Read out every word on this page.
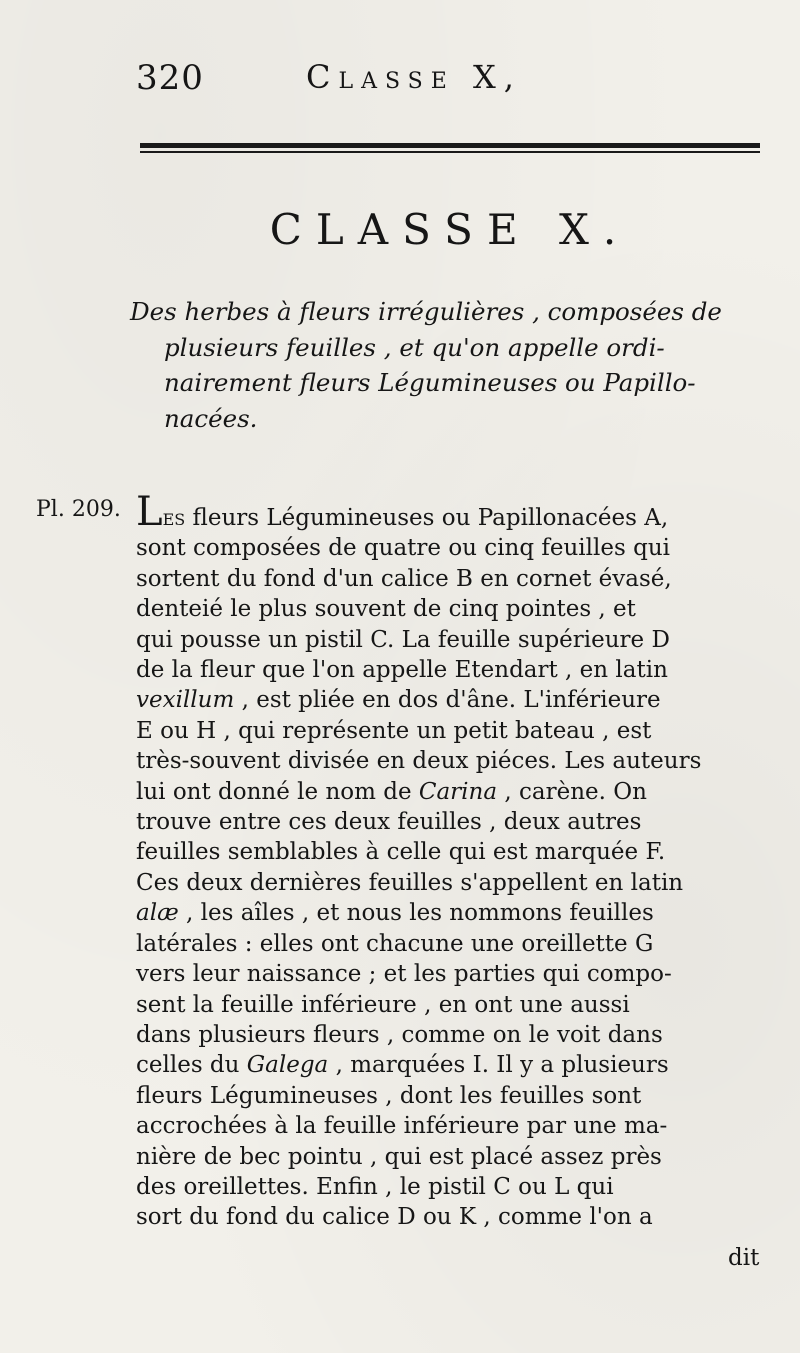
320	Classe X,
CLASSE X.
Des herbes à fleurs irrégulières , composées de
plusieurs feuilles , et qu'on appelle ordi-
nairement fleurs Légumineuses ou Papillo-
nacées.
Pl. 209. Les fleurs Légumineuses ou Papillonacées A,
sont composées de quatre ou cinq feuilles qui
sortent du fond d'un calice B en cornet évasé,
denteié le plus souvent de cinq pointes , et
qui pousse un pistil C. La feuille supérieure D
de la fleur que l'on appelle Etendart , en latin
vexillum , est pliée en dos d'âne. L'inférieure
E ou H , qui représente un petit bateau , est
très-souvent divisée en deux piéces. Les auteurs
lui ont donné le nom de Carina , carène. On
trouve entre ces deux feuilles , deux autres
feuilles semblables à celle qui est marquée F.
Ces deux dernières feuilles s'appellent en latin
alæ , les aîles , et nous les nommons feuilles
latérales : elles ont chacune une oreillette G
vers leur naissance ; et les parties qui compo-
sent la feuille inférieure , en ont une aussi
dans plusieurs fleurs , comme on le voit dans
celles du Galega , marquées I. Il y a plusieurs
fleurs Légumineuses , dont les feuilles sont
accrochées à la feuille inférieure par une ma-
nière de bec pointu , qui est placé assez près
des oreillettes. Enfin , le pistil C ou L qui
sort du fond du calice D ou K , comme l'on a
dit
